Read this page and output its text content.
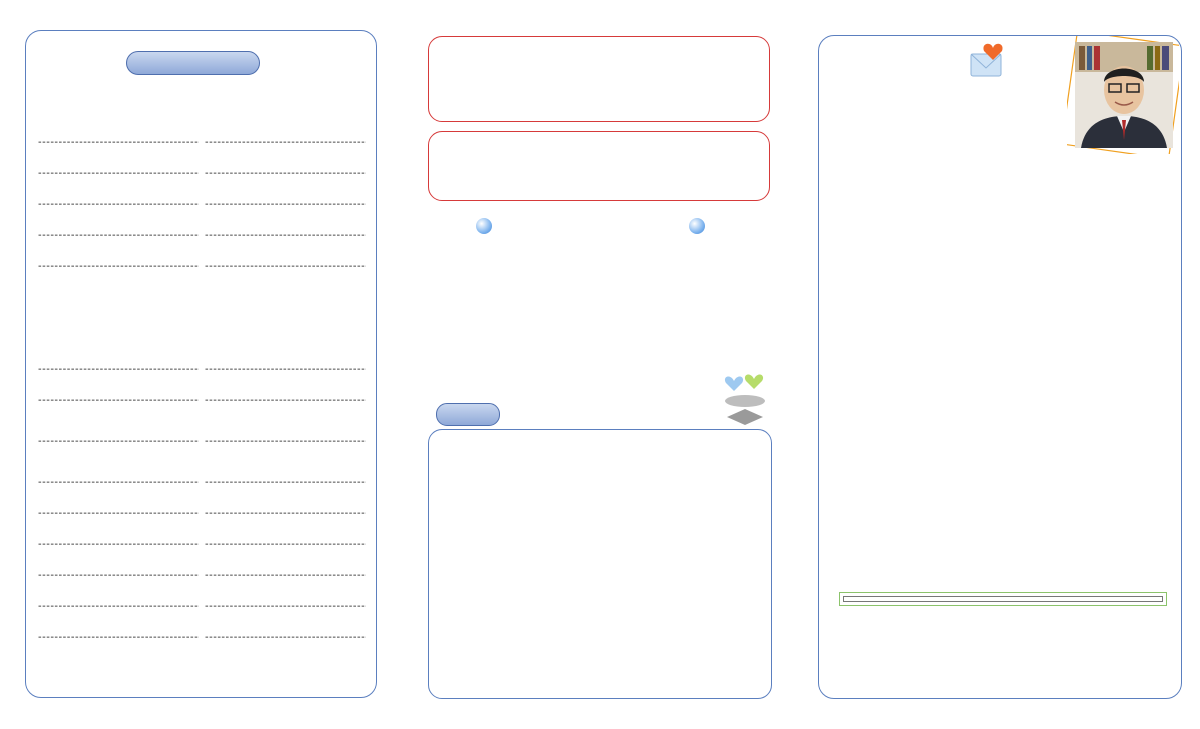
-----
-----
-----
-----
-----
-----
-----
-----
-----
-----
-----
-----
-----
-----
-----
-----
-----
-----
-----
-----
-----
-----
-----
-----
-----
-----
-----
-----
